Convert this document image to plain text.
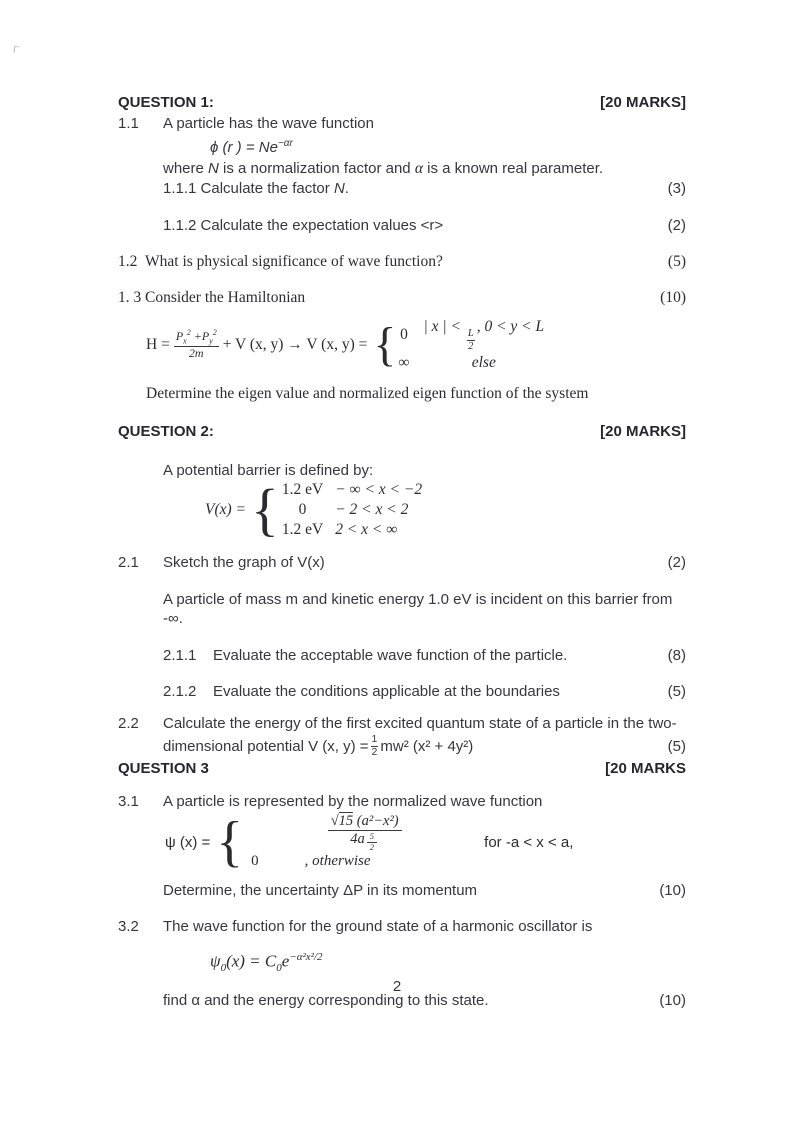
QUESTION 1:	[20 MARKS]
1.1 A particle has the wave function
ϕ (r ) = $Ne^{-\alpha r}$
where N is a normalization factor and α is a known real parameter.
1.1.1 Calculate the factor N.	(3)
1.1.2 Calculate the expectation values <r>	(2)
1.2 What is physical significance of wave function?	(5)
1. 3 Consider the Hamiltonian	(10)
$H = \frac{P_x^2 +P_y^2}{2m} + V$ (x, y) → V (x, y) = { 0 | x | <
$\frac{L}{2}$
, 0 < y < L
∞	else
Determine the eigen value and normalized eigen function of the system
QUESTION 2:	[20 MARKS]
A potential barrier is defined by:
V(x) = { 1.2 eV − ∞ < x < −2
0	− 2 < x < 2
1.2 eV 2 < x < ∞
2.1 Sketch the graph of V(x)	(2)
A particle of mass m and kinetic energy 1.0 eV is incident on this barrier from -∞.
2.1.1 Evaluate the acceptable wave function of the particle.	(8)
2.1.2 Evaluate the conditions applicable at the boundaries	(5)
2.2 Calculate the energy of the first excited quantum state of a particle in the two-
dimensional potential V (x, $y) = \frac{1}{2} mw^2$ (x² + 4y²)	(5)
QUESTION 3	[20 MARKS
3.1 A particle is represented by the normalized wave function
ψ (x) = { √15 (a²−x²)
4a $^{\frac{5}{2}}$
0	, otherwise
for -a < x < a,
Determine, the uncertainty ΔP in its momentum	(10)
3.2 The wave function for the ground state of a harmonic oscillator is
$\psi_0(x) = C_0e^{-\alpha^2x^2/2}$
find α and the energy corresponding to this state.	(10)
2
